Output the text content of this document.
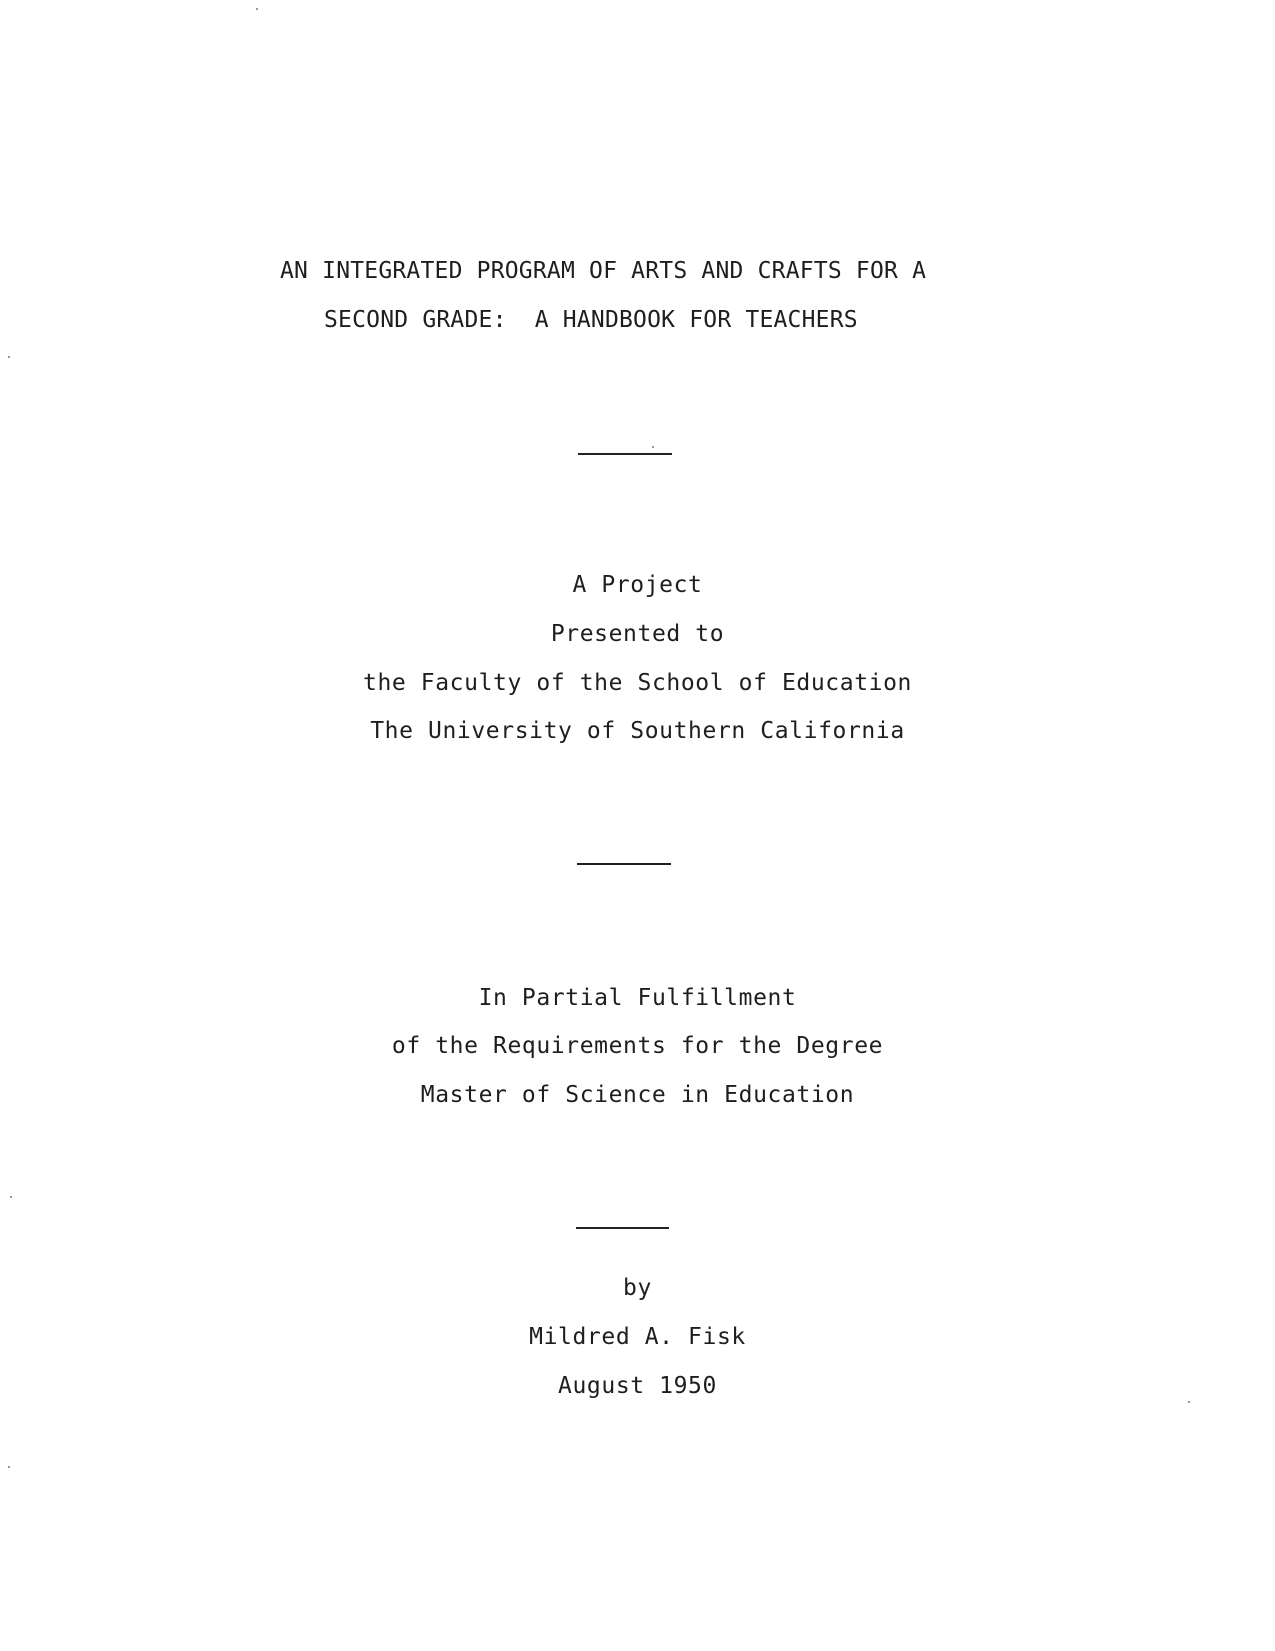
AN INTEGRATED PROGRAM OF ARTS AND CRAFTS FOR A
SECOND GRADE:  A HANDBOOK FOR TEACHERS
A Project
Presented to
the Faculty of the School of Education
The University of Southern California
In Partial Fulfillment
of the Requirements for the Degree
Master of Science in Education
by
Mildred A. Fisk
August 1950
